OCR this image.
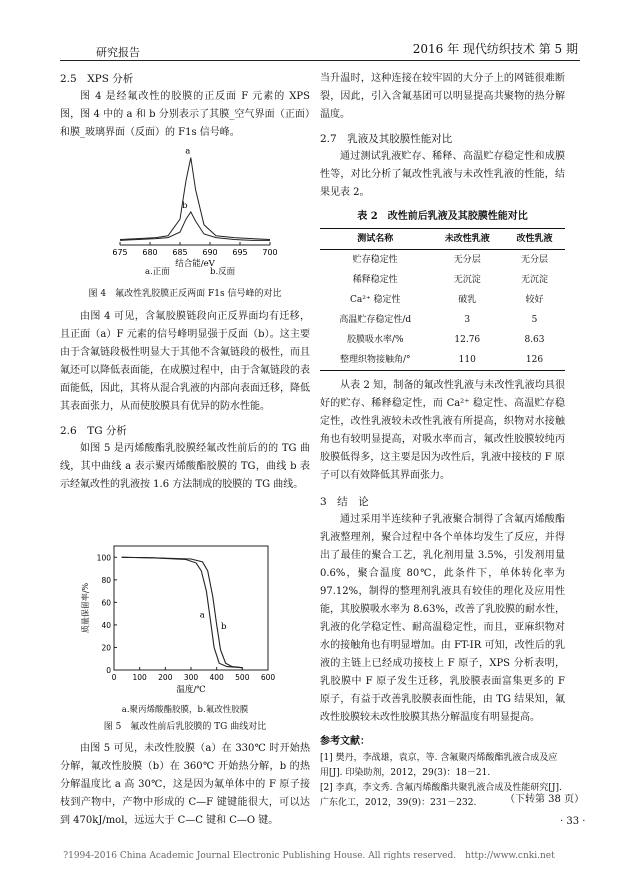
研究报告	2016 年 现代纺织技术 第 5 期
2.5　XPS 分析

图 4 是经氟改性的胶膜的正反面 F 元素的 XPS 图，图 4 中的 a 和 b 分别表示了其膜_空气界面（正面）和膜_玻璃界面（反面）的 F1s 信号峰。

675 680 685 690 695 700
结合能/eV
a
b
a.正面	b.反面
图 4　氟改性乳胶膜正反两面 F1s 信号峰的对比

由图 4 可见，含氟胶膜链段向正反界面均有迁移，且正面（a）F 元素的信号峰明显强于反面（b）。这主要由于含氟链段极性明显大于其他不含氟链段的极性，而且氟还可以降低表面能，在成膜过程中，由于含氟链段的表面能低，因此，其将从混合乳液的内部向表面迁移，降低其表面张力，从而使胶膜具有优异的防水性能。

2.6　TG 分析

如图 5 是丙烯酸酯乳胶膜经氟改性前后的的 TG 曲线，其中曲线 a 表示聚丙烯酸酯胶膜的 TG，曲线 b 表示经氟改性的乳液按 1.6 方法制成的胶膜的 TG 曲线。

0 100 200 300 400 500 600
0
20
40
60
80
100
温度/℃
质量保留率/%	a
b
a.聚丙烯酸酯胶膜，b.氟改性胶膜
图 5　氟改性前后乳胶膜的 TG 曲线对比

由图 5 可见，未改性胶膜（a）在 330℃ 时开始热分解，氟改性胶膜（b）在 360℃ 开始热分解，b 的热分解温度比 a 高 30℃，这是因为氟单体中的 F 原子接枝到产物中，产物中形成的 C—F 键键能很大，可以达到 470kJ/mol，远远大于 C—C 键和 C—O 键。

当升温时，这种连接在较牢固的大分子上的网链很难断裂，因此，引入含氟基团可以明显提高共聚物的热分解温度。

2.7　乳液及其胶膜性能对比

通过测试乳液贮存、稀释、高温贮存稳定性和成膜性等，对比分析了氟改性乳液与未改性乳液的性能，结果见表 2。

表 2　改性前后乳液及其胶膜性能对比
测试名称	未改性乳液	改性乳液
贮存稳定性	无分层	无分层
稀释稳定性	无沉淀	无沉淀
Ca²⁺ 稳定性	破乳	较好
高温贮存稳定性/d	3	5
胶膜吸水率/%	12.76	8.63
整理织物接触角/°	110	126

从表 2 知，制备的氟改性乳液与未改性乳液均具很好的贮存、稀释稳定性，而 Ca²⁺ 稳定性、高温贮存稳定性，改性乳液较未改性乳液有所提高，织物对水接触角也有较明显提高，对吸水率而言，氟改性胶膜较纯丙胶膜低得多，这主要是因为改性后，乳液中接枝的 F 原子可以有效降低其界面张力。

3　结　论

通过采用半连续种子乳液聚合制得了含氟丙烯酸酯乳液整理剂，聚合过程中各个单体均发生了反应，并得出了最佳的聚合工艺，乳化剂用量 3.5%，引发剂用量 0.6%，聚合温度 80℃，此条件下，单体转化率为 97.12%，制得的整理剂乳液具有较佳的理化及应用性能，其胶膜吸水率为 8.63%，改善了乳胶膜的耐水性，乳液的化学稳定性、耐高温稳定性，而且，亚麻织物对水的接触角也有明显增加。由 FT-IR 可知，改性后的乳液的主链上已经成功接枝上 F 原子，XPS 分析表明，乳胶膜中 F 原子发生迁移，乳胶膜表面富集更多的 F 原子，有益于改善乳胶膜表面性能，由 TG 结果知，氟改性胶膜较未改性胶膜其热分解温度有明显提高。

参考文献：
[1] 樊丹，李战雄，袁京，等. 含氟聚丙烯酸酯乳液合成及应用[J]. 印染助剂，2012，29(3)：18－21.
[2] 李真，李文秀. 含氟丙烯酸酯共聚乳液合成及性能研究[J]. 广东化工，2012，39(9)：231－232.	（下转第 38 页）
· 33 ·
?1994-2016 China Academic Journal Electronic Publishing House. All rights reserved.　http://www.cnki.net
